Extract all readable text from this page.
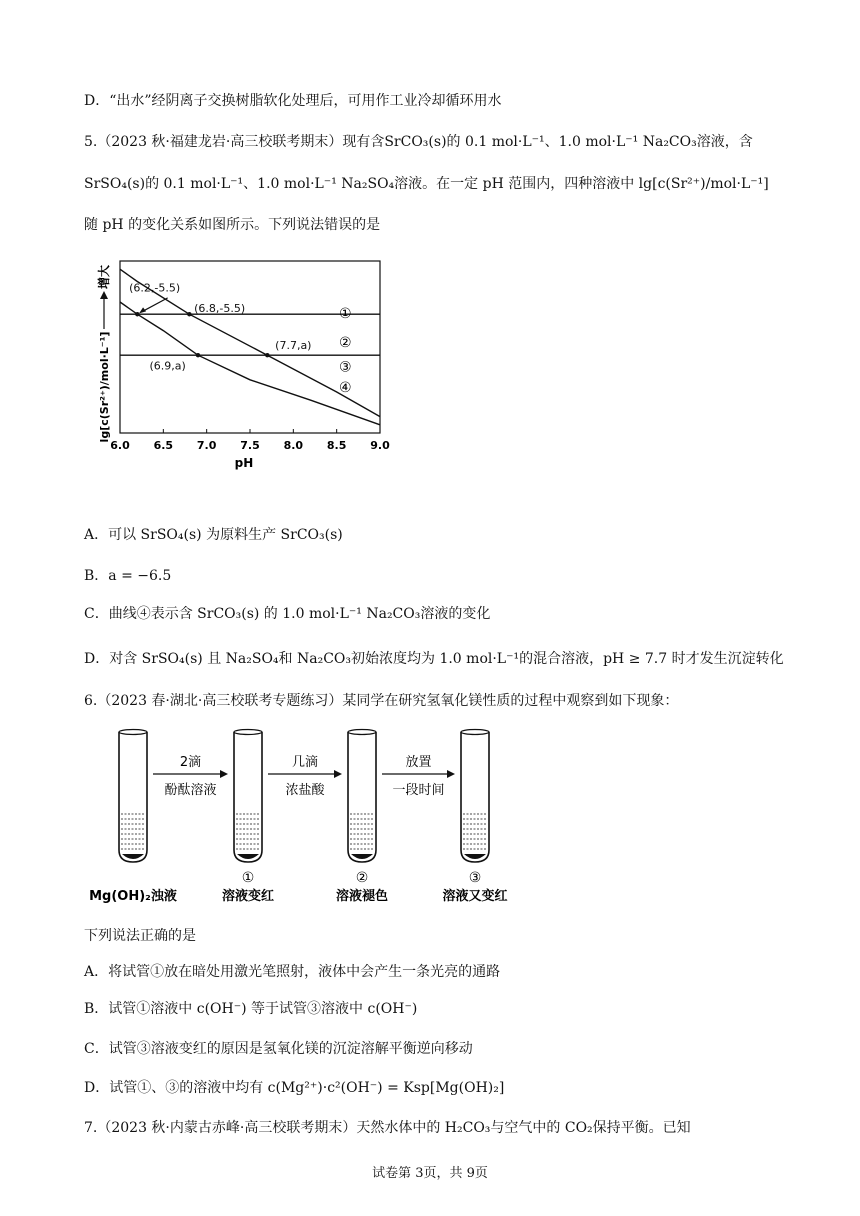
D．“出水”经阴离子交换树脂软化处理后，可用作工业冷却循环用水
5.（2023 秋·福建龙岩·高三校联考期末）现有含SrCO₃(s)的 0.1 mol·L⁻¹、1.0 mol·L⁻¹ Na₂CO₃溶液，含
SrSO₄(s)的 0.1 mol·L⁻¹、1.0 mol·L⁻¹ Na₂SO₄溶液。在一定 pH 范围内，四种溶液中 lg[c(Sr²⁺)/mol·L⁻¹]
随 pH 的变化关系如图所示。下列说法错误的是
6.0 6.5 7.0 7.5 8.0 8.5 9.0
pH
lg[c(Sr²⁺)/mol·L⁻¹]
增大
①
②
③
④
(6.2,-5.5)
(6.8,-5.5)
(7.7,a)
(6.9,a)
A．可以 SrSO₄(s) 为原料生产 SrCO₃(s)
B．a = −6.5
C．曲线④表示含 SrCO₃(s) 的 1.0 mol·L⁻¹ Na₂CO₃溶液的变化
D．对含 SrSO₄(s) 且 Na₂SO₄和 Na₂CO₃初始浓度均为 1.0 mol·L⁻¹的混合溶液，pH ≥ 7.7 时才发生沉淀转化
6.（2023 春·湖北·高三校联考专题练习）某同学在研究氢氧化镁性质的过程中观察到如下现象：
Mg(OH)₂浊液
①
溶液变红
②
溶液褪色
③
溶液又变红
2滴
酚酞溶液
几滴
浓盐酸
放置
一段时间
下列说法正确的是
A．将试管①放在暗处用激光笔照射，液体中会产生一条光亮的通路
B．试管①溶液中 c(OH⁻) 等于试管③溶液中 c(OH⁻)
C．试管③溶液变红的原因是氢氧化镁的沉淀溶解平衡逆向移动
D．试管①、③的溶液中均有 c(Mg²⁺)·c²(OH⁻) = Ksp[Mg(OH)₂]
7.（2023 秋·内蒙古赤峰·高三校联考期末）天然水体中的 H₂CO₃与空气中的 CO₂保持平衡。已知
试卷第 3页，共 9页
